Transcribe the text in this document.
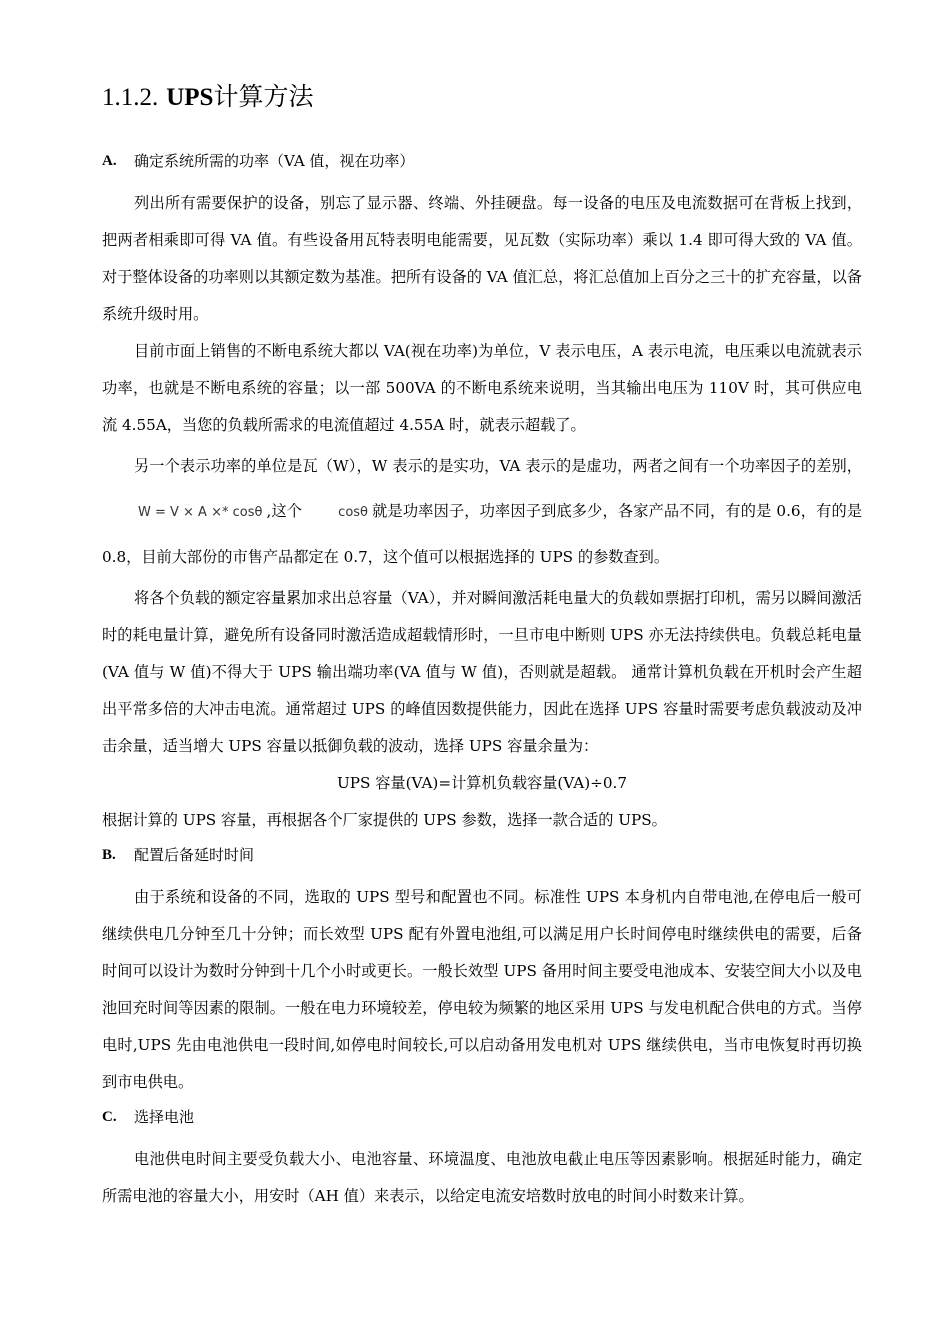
1.1.2. UPS计算方法
A.	确定系统所需的功率（VA 值，视在功率）

列出所有需要保护的设备，别忘了显示器、终端、外挂硬盘。每一设备的电压及电流数据可在背板上找到，把两者相乘即可得 VA 值。有些设备用瓦特表明电能需要，见瓦数（实际功率）乘以 1.4 即可得大致的 VA 值。对于整体设备的功率则以其额定数为基准。把所有设备的 VA 值汇总，将汇总值加上百分之三十的扩充容量，以备系统升级时用。

目前市面上销售的不断电系统大都以 VA(视在功率)为单位，V 表示电压，A 表示电流，电压乘以电流就表示功率，也就是不断电系统的容量；以一部 500VA 的不断电系统来说明，当其输出电压为 110V 时，其可供应电流 4.55A，当您的负载所需求的电流值超过 4.55A 时，就表示超载了。

另一个表示功率的单位是瓦（W），W 表示的是实功，VA 表示的是虚功，两者之间有一个功率因子的差别，W = V × A ×* cosθ ,这个	cosθ 就是功率因子，功率因子到底多少，各家产品不同，有的是 0.6，有的是 0.8，目前大部份的市售产品都定在 0.7，这个值可以根据选择的 UPS 的参数查到。

将各个负载的额定容量累加求出总容量（VA），并对瞬间激活耗电量大的负载如票据打印机，需另以瞬间激活时的耗电量计算，避免所有设备同时激活造成超载情形时，一旦市电中断则 UPS 亦无法持续供电。负载总耗电量(VA 值与 W 值)不得大于 UPS 输出端功率(VA 值与 W 值)，否则就是超载。 通常计算机负载在开机时会产生超出平常多倍的大冲击电流。通常超过 UPS 的峰值因数提供能力，因此在选择 UPS 容量时需要考虑负载波动及冲击余量，适当增大 UPS 容量以抵御负载的波动，选择 UPS 容量余量为：

UPS 容量(VA)=计算机负载容量(VA)÷0.7

根据计算的 UPS 容量，再根据各个厂家提供的 UPS 参数，选择一款合适的 UPS。

B.	配置后备延时时间

由于系统和设备的不同，选取的 UPS 型号和配置也不同。标准性 UPS 本身机内自带电池,在停电后一般可继续供电几分钟至几十分钟；而长效型 UPS 配有外置电池组,可以满足用户长时间停电时继续供电的需要，后备时间可以设计为数时分钟到十几个小时或更长。一般长效型 UPS 备用时间主要受电池成本、安装空间大小以及电池回充时间等因素的限制。一般在电力环境较差，停电较为频繁的地区采用 UPS 与发电机配合供电的方式。当停电时,UPS 先由电池供电一段时间,如停电时间较长,可以启动备用发电机对 UPS 继续供电，当市电恢复时再切换到市电供电。

C.	选择电池

电池供电时间主要受负载大小、电池容量、环境温度、电池放电截止电压等因素影响。根据延时能力，确定所需电池的容量大小，用安时（AH 值）来表示，以给定电流安培数时放电的时间小时数来计算。
